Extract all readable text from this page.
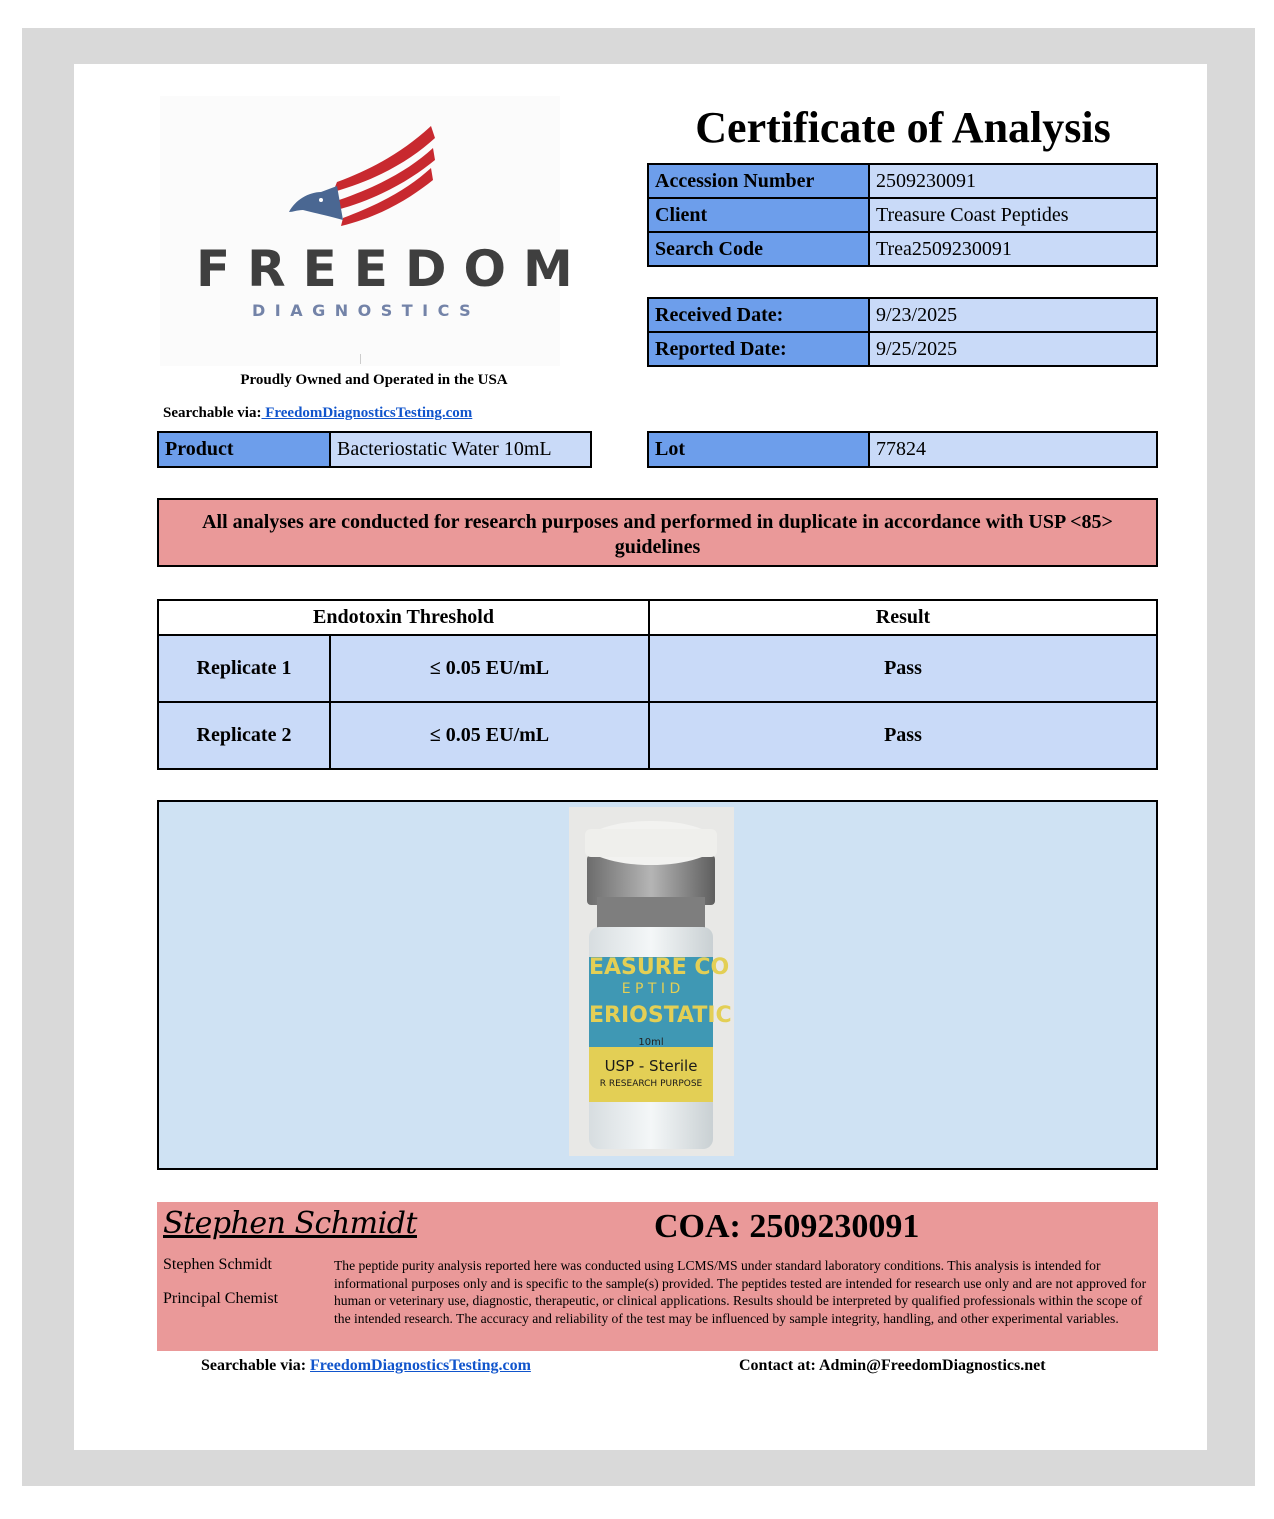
FREEDOM
DIAGNOSTICS
Proudly Owned and Operated in the USA
Searchable via: FreedomDiagnosticsTesting.com
Certificate of Analysis
Accession Number	2509230091
Client	Treasure Coast Peptides
Search Code	Trea2509230091
Received Date:	9/23/2025
Reported Date:	9/25/2025
Product	Bacteriostatic Water 10mL	Lot	77824
All analyses are conducted for research purposes and performed in duplicate in accordance with USP <85> guidelines
Endotoxin Threshold		Result
Replicate 1	≤ 0.05 EU/mL	Pass
Replicate 2	≤ 0.05 EU/mL	Pass
EASURE CO
E P T I D
ERIOSTATIC
10ml
USP - Sterile
R RESEARCH PURPOSE
Stephen Schmidt	COA: 2509230091
Stephen Schmidt
Principal Chemist
The peptide purity analysis reported here was conducted using LCMS/MS under standard laboratory conditions. This analysis is intended for informational purposes only and is specific to the sample(s) provided. The peptides tested are intended for research use only and are not approved for human or veterinary use, diagnostic, therapeutic, or clinical applications. Results should be interpreted by qualified professionals within the scope of the intended research. The accuracy and reliability of the test may be influenced by sample integrity, handling, and other experimental variables.
Searchable via: FreedomDiagnosticsTesting.com	Contact at: Admin@FreedomDiagnostics.net
